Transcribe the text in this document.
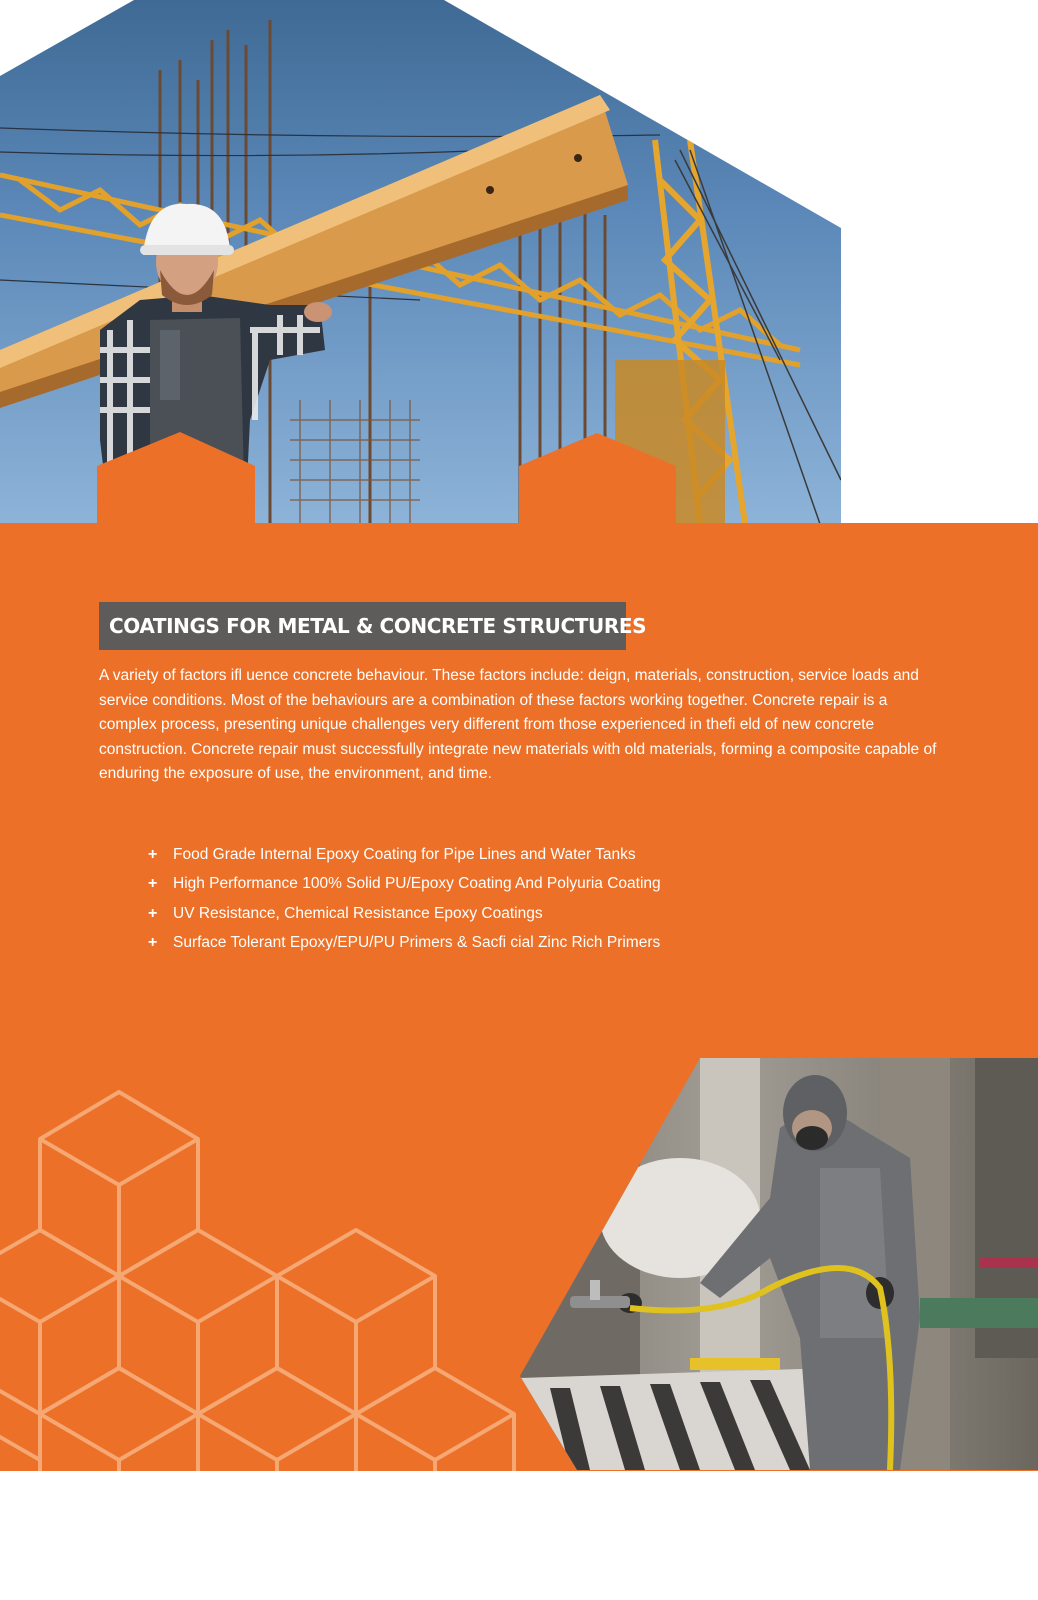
COATINGS FOR METAL & CONCRETE STRUCTURES

A variety of factors ifl uence concrete behaviour. These factors include: deign, materials, construction, service loads and service conditions. Most of the behaviours are a combination of these factors working together. Concrete repair is a complex process, presenting unique challenges very different from those experienced in thefi eld of new concrete construction. Concrete repair must successfully integrate new materials with old materials, forming a composite capable of enduring the exposure of use, the environment, and time.

+	Food Grade Internal Epoxy Coating for Pipe Lines and Water Tanks
+	High Performance 100% Solid PU/Epoxy Coating And Polyuria Coating
+	UV Resistance, Chemical Resistance Epoxy Coatings
+	Surface Tolerant Epoxy/EPU/PU Primers & Sacfi cial Zinc Rich Primers
